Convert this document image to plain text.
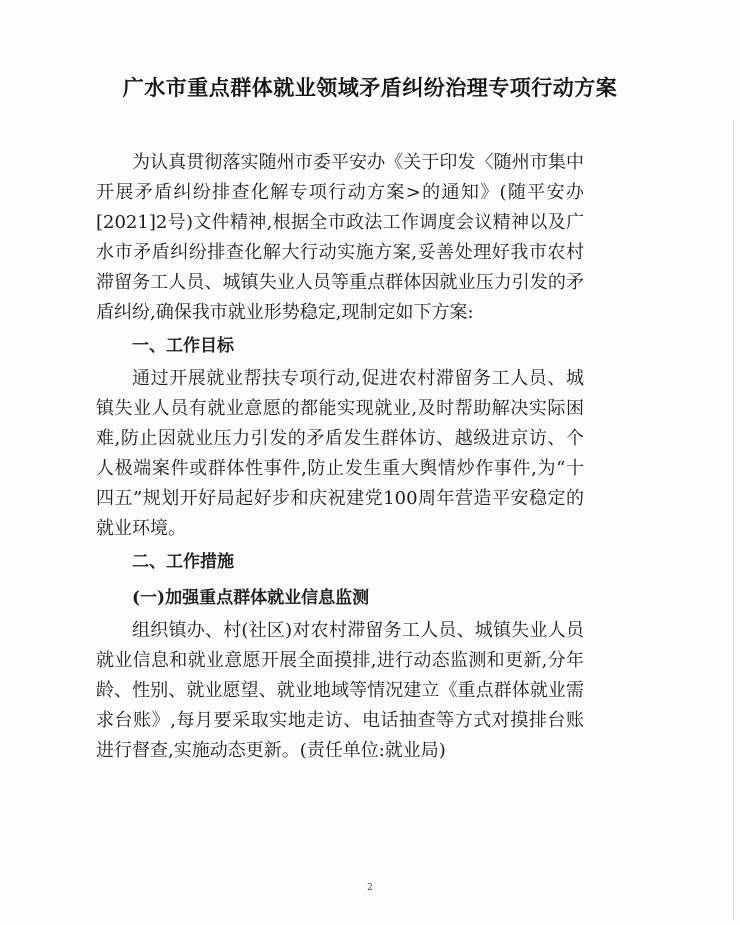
广水市重点群体就业领域矛盾纠纷治理专项行动方案

为认真贯彻落实随州市委平安办《关于印发〈随州市集中开展矛盾纠纷排查化解专项行动方案>的通知》(随平安办[2021]2号)文件精神,根据全市政法工作调度会议精神以及广水市矛盾纠纷排查化解大行动实施方案,妥善处理好我市农村滞留务工人员、城镇失业人员等重点群体因就业压力引发的矛盾纠纷,确保我市就业形势稳定,现制定如下方案:

一、工作目标

通过开展就业帮扶专项行动,促进农村滞留务工人员、城镇失业人员有就业意愿的都能实现就业,及时帮助解决实际困难,防止因就业压力引发的矛盾发生群体访、越级进京访、个人极端案件或群体性事件,防止发生重大舆情炒作事件,为“十四五”规划开好局起好步和庆祝建党100周年营造平安稳定的就业环境。

二、工作措施

(一)加强重点群体就业信息监测

组织镇办、村(社区)对农村滞留务工人员、城镇失业人员就业信息和就业意愿开展全面摸排,进行动态监测和更新,分年龄、性别、就业愿望、就业地域等情况建立《重点群体就业需求台账》,每月要采取实地走访、电话抽查等方式对摸排台账进行督查,实施动态更新。(责任单位:就业局)

2
